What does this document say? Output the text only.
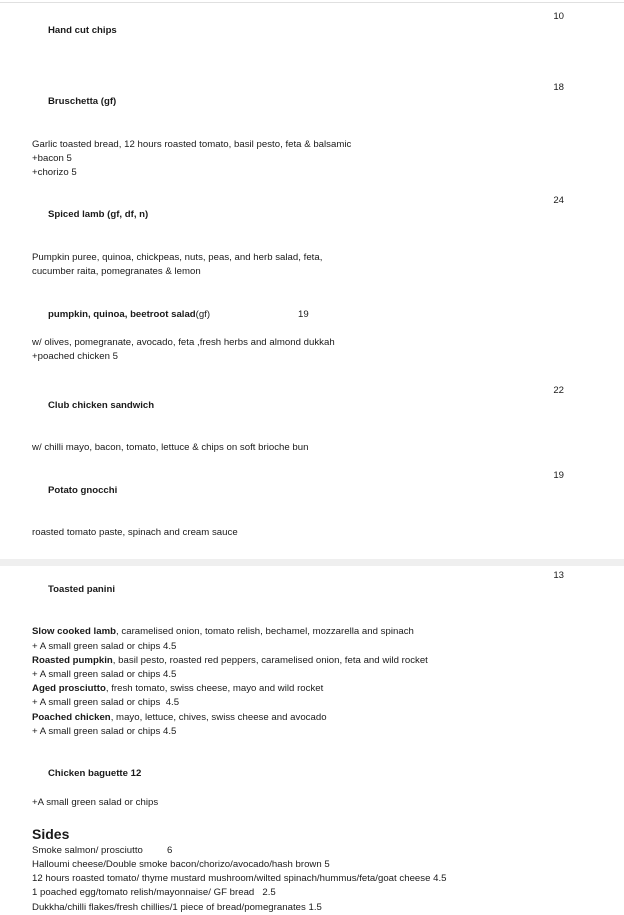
Hand cut chips

10

Bruschetta (gf)

18

Garlic toasted bread, 12 hours roasted tomato, basil pesto, feta & balsamic
+bacon 5
+chorizo 5

Spiced lamb (gf, df, n)

24

Pumpkin puree, quinoa, chickpeas, nuts, peas, and herb salad, feta,
cucumber raita, pomegranates & lemon

pumpkin, quinoa, beetroot salad(gf)	19

w/ olives, pomegranate, avocado, feta ,fresh herbs and almond dukkah
+poached chicken 5

Club chicken sandwich

22

w/ chilli mayo, bacon, tomato, lettuce & chips on soft brioche bun

Potato gnocchi

19

roasted tomato paste, spinach and cream sauce

Toasted panini

13

Slow cooked lamb, caramelised onion, tomato relish, bechamel, mozzarella and spinach
+ A small green salad or chips 4.5
Roasted pumpkin, basil pesto, roasted red peppers, caramelised onion, feta and wild rocket
+ A small green salad or chips 4.5
Aged prosciutto, fresh tomato, swiss cheese, mayo and wild rocket
+ A small green salad or chips  4.5
Poached chicken, mayo, lettuce, chives, swiss cheese and avocado
+ A small green salad or chips 4.5

Chicken baguette 12

+A small green salad or chips
Sides
Smoke salmon/ prosciutto         6
Halloumi cheese/Double smoke bacon/chorizo/avocado/hash brown 5
12 hours roasted tomato/ thyme mustard mushroom/wilted spinach/hummus/feta/goat cheese 4.5
1 poached egg/tomato relish/mayonnaise/ GF bread   2.5
Dukkha/chilli flakes/fresh chillies/1 piece of bread/pomegranates 1.5
